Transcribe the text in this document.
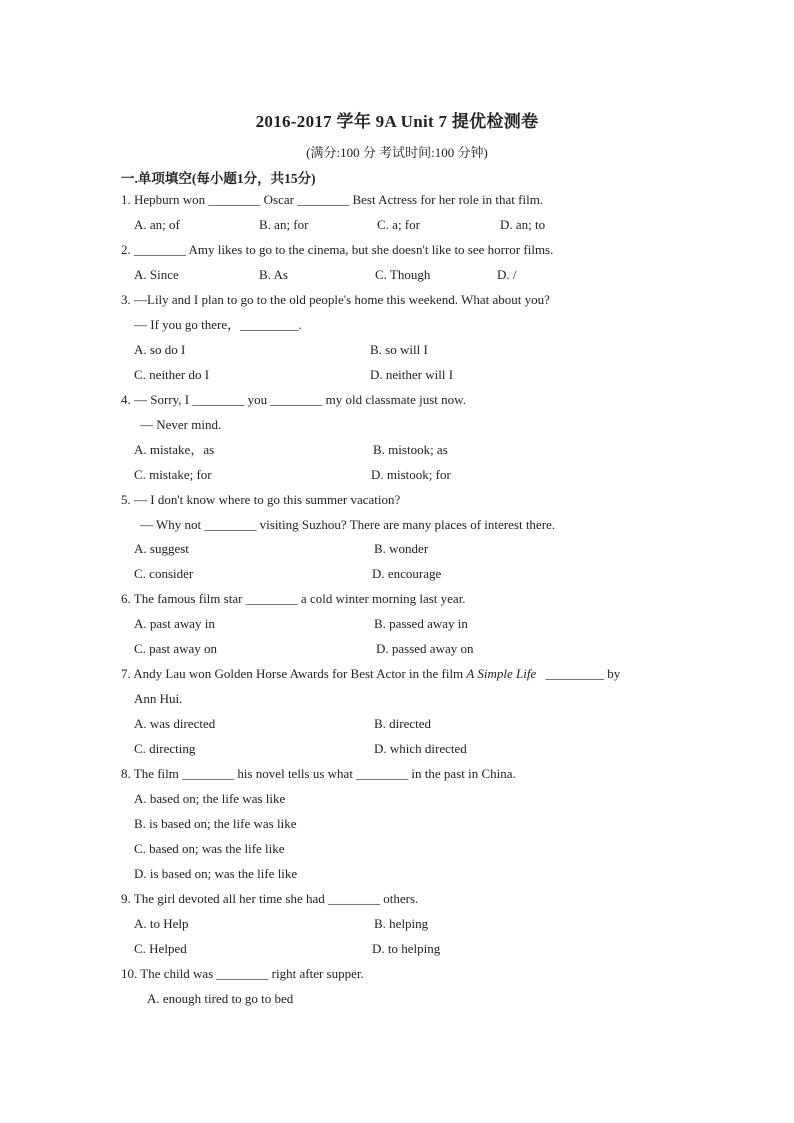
2016-2017 学年 9A Unit 7 提优检测卷
(满分:100 分 考试时间:100 分钟)
一.单项填空(每小题1分，共15分)
1. Hepburn won ________ Oscar ________ Best Actress for her role in that film.
A. an; of	B. an; for	C. a; for	D. an; to
2. ________ Amy likes to go to the cinema, but she doesn't like to see horror films.
A. Since	B. As	C. Though	D. /
3. —Lily and I plan to go to the old people's home this weekend. What about you?
— If you go there，_________.
A. so do I	B. so will I
C. neither do I	D. neither will I
4. — Sorry, I ________ you ________ my old classmate just now.
— Never mind.
A. mistake，as	B. mistook; as
C. mistake; for	D. mistook; for
5. — I don't know where to go this summer vacation?
— Why not ________ visiting Suzhou? There are many places of interest there.
A. suggest	B. wonder
C. consider	D. encourage
6. The famous film star ________ a cold winter morning last year.
A. past away in	B. passed away in
C. past away on	D. passed away on
7. Andy Lau won Golden Horse Awards for Best Actor in the film A Simple Life _________ by
Ann Hui.
A. was directed	B. directed
C. directing	D. which directed
8. The film ________ his novel tells us what ________ in the past in China.
A. based on; the life was like
B. is based on; the life was like
C. based on; was the life like
D. is based on; was the life like
9. The girl devoted all her time she had ________ others.
A. to Help	B. helping
C. Helped	D. to helping
10. The child was ________ right after supper.
A. enough tired to go to bed
